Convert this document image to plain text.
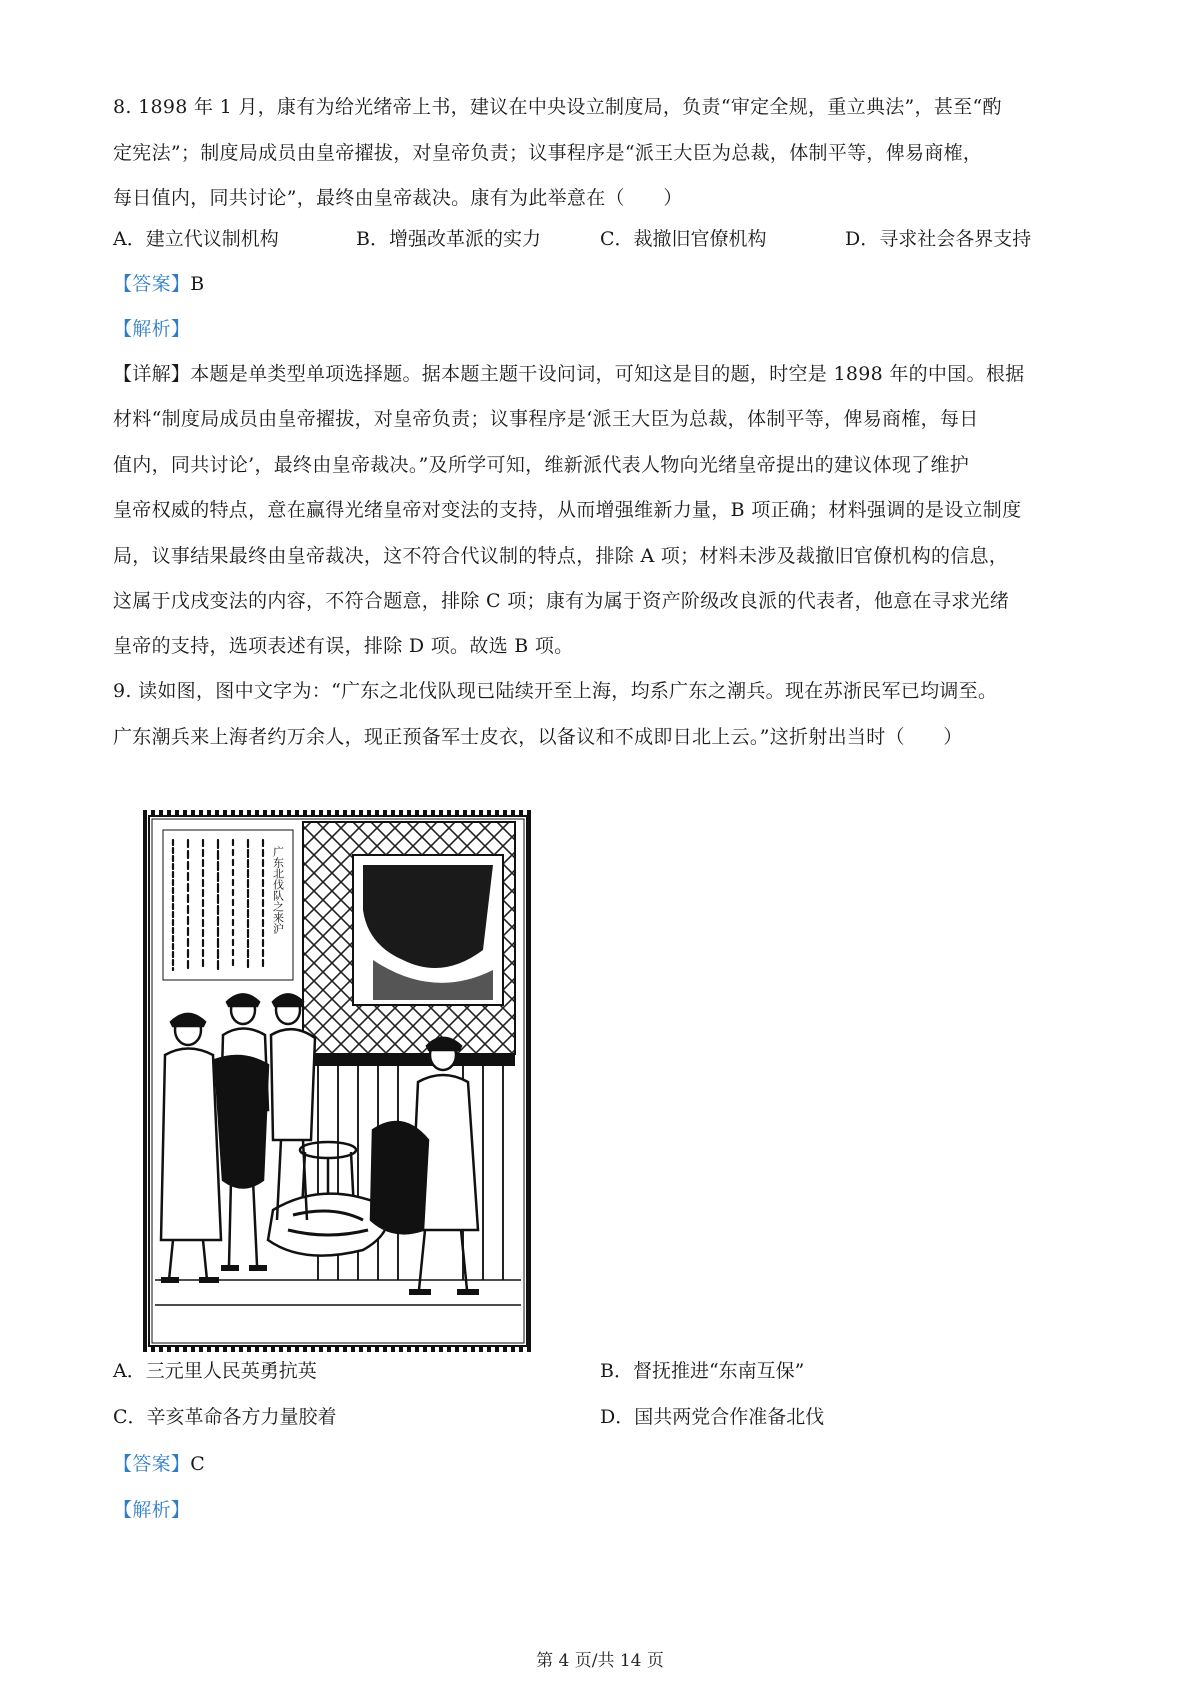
8. 1898 年 1 月，康有为给光绪帝上书，建议在中央设立制度局，负责“审定全规，重立典法”，甚至“酌
定宪法”；制度局成员由皇帝擢拔，对皇帝负责；议事程序是“派王大臣为总裁，体制平等，俾易商榷，
每日值内，同共讨论”，最终由皇帝裁决。康有为此举意在（　　）
A．建立代议制机构	B．增强改革派的实力	C．裁撤旧官僚机构	D．寻求社会各界支持
【答案】B
【解析】
【详解】本题是单类型单项选择题。据本题主题干设问词，可知这是目的题，时空是 1898 年的中国。根据
材料“制度局成员由皇帝擢拔，对皇帝负责；议事程序是‘派王大臣为总裁，体制平等，俾易商榷，每日
值内，同共讨论’，最终由皇帝裁决。”及所学可知，维新派代表人物向光绪皇帝提出的建议体现了维护
皇帝权威的特点，意在赢得光绪皇帝对变法的支持，从而增强维新力量，B 项正确；材料强调的是设立制度
局，议事结果最终由皇帝裁决，这不符合代议制的特点，排除 A 项；材料未涉及裁撤旧官僚机构的信息，
这属于戊戌变法的内容，不符合题意，排除 C 项；康有为属于资产阶级改良派的代表者，他意在寻求光绪
皇帝的支持，选项表述有误，排除 D 项。故选 B 项。
9. 读如图，图中文字为：“广东之北伐队现已陆续开至上海，均系广东之潮兵。现在苏浙民军已均调至。
广东潮兵来上海者约万余人，现正预备军士皮衣，以备议和不成即日北上云。”这折射出当时（　　）
广东北伐队之来沪
A．三元里人民英勇抗英	B．督抚推进“东南互保”
C．辛亥革命各方力量胶着	D．国共两党合作准备北伐
【答案】C
【解析】
第 4 页/共 14 页
